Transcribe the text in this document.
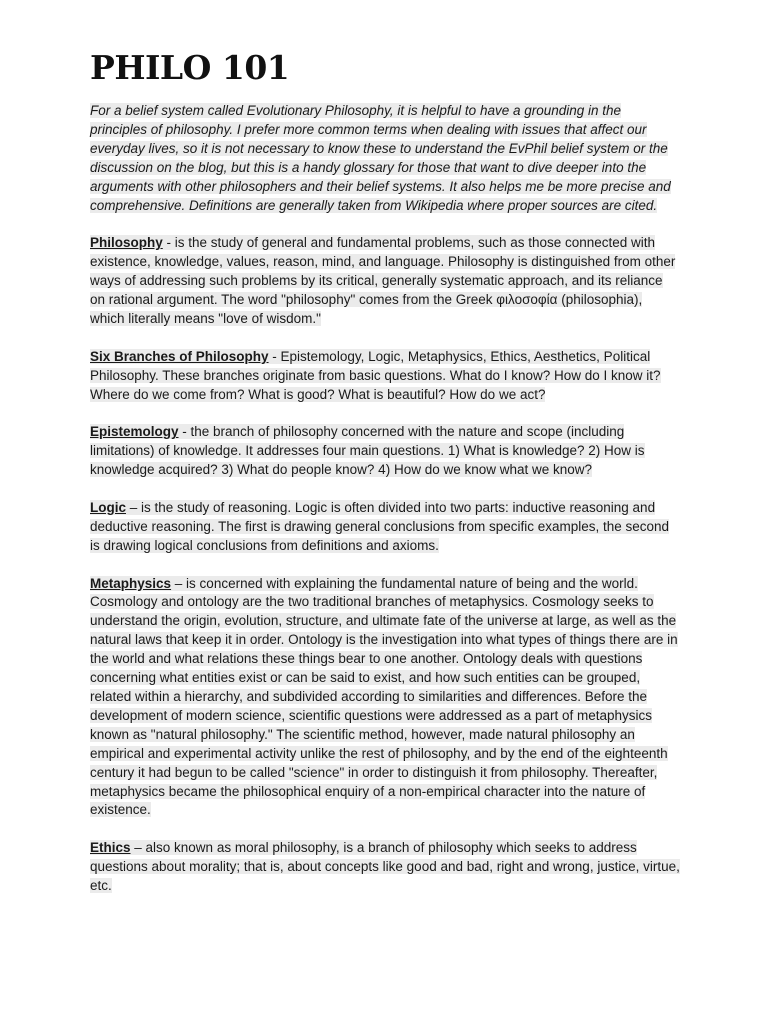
PHILO 101

For a belief system called Evolutionary Philosophy, it is helpful to have a grounding in the principles of philosophy. I prefer more common terms when dealing with issues that affect our everyday lives, so it is not necessary to know these to understand the EvPhil belief system or the discussion on the blog, but this is a handy glossary for those that want to dive deeper into the arguments with other philosophers and their belief systems. It also helps me be more precise and comprehensive. Definitions are generally taken from Wikipedia where proper sources are cited.

Philosophy - is the study of general and fundamental problems, such as those connected with existence, knowledge, values, reason, mind, and language. Philosophy is distinguished from other ways of addressing such problems by its critical, generally systematic approach, and its reliance on rational argument. The word "philosophy" comes from the Greek φιλοσοφία (philosophia), which literally means "love of wisdom."

Six Branches of Philosophy - Epistemology, Logic, Metaphysics, Ethics, Aesthetics, Political Philosophy. These branches originate from basic questions. What do I know? How do I know it? Where do we come from? What is good? What is beautiful? How do we act?

Epistemology - the branch of philosophy concerned with the nature and scope (including limitations) of knowledge. It addresses four main questions. 1) What is knowledge? 2) How is knowledge acquired? 3) What do people know? 4) How do we know what we know?

Logic – is the study of reasoning. Logic is often divided into two parts: inductive reasoning and deductive reasoning. The first is drawing general conclusions from specific examples, the second is drawing logical conclusions from definitions and axioms.

Metaphysics – is concerned with explaining the fundamental nature of being and the world. Cosmology and ontology are the two traditional branches of metaphysics. Cosmology seeks to understand the origin, evolution, structure, and ultimate fate of the universe at large, as well as the natural laws that keep it in order. Ontology is the investigation into what types of things there are in the world and what relations these things bear to one another. Ontology deals with questions concerning what entities exist or can be said to exist, and how such entities can be grouped, related within a hierarchy, and subdivided according to similarities and differences. Before the development of modern science, scientific questions were addressed as a part of metaphysics known as "natural philosophy." The scientific method, however, made natural philosophy an empirical and experimental activity unlike the rest of philosophy, and by the end of the eighteenth century it had begun to be called "science" in order to distinguish it from philosophy. Thereafter, metaphysics became the philosophical enquiry of a non-empirical character into the nature of existence.

Ethics – also known as moral philosophy, is a branch of philosophy which seeks to address questions about morality; that is, about concepts like good and bad, right and wrong, justice, virtue, etc.
